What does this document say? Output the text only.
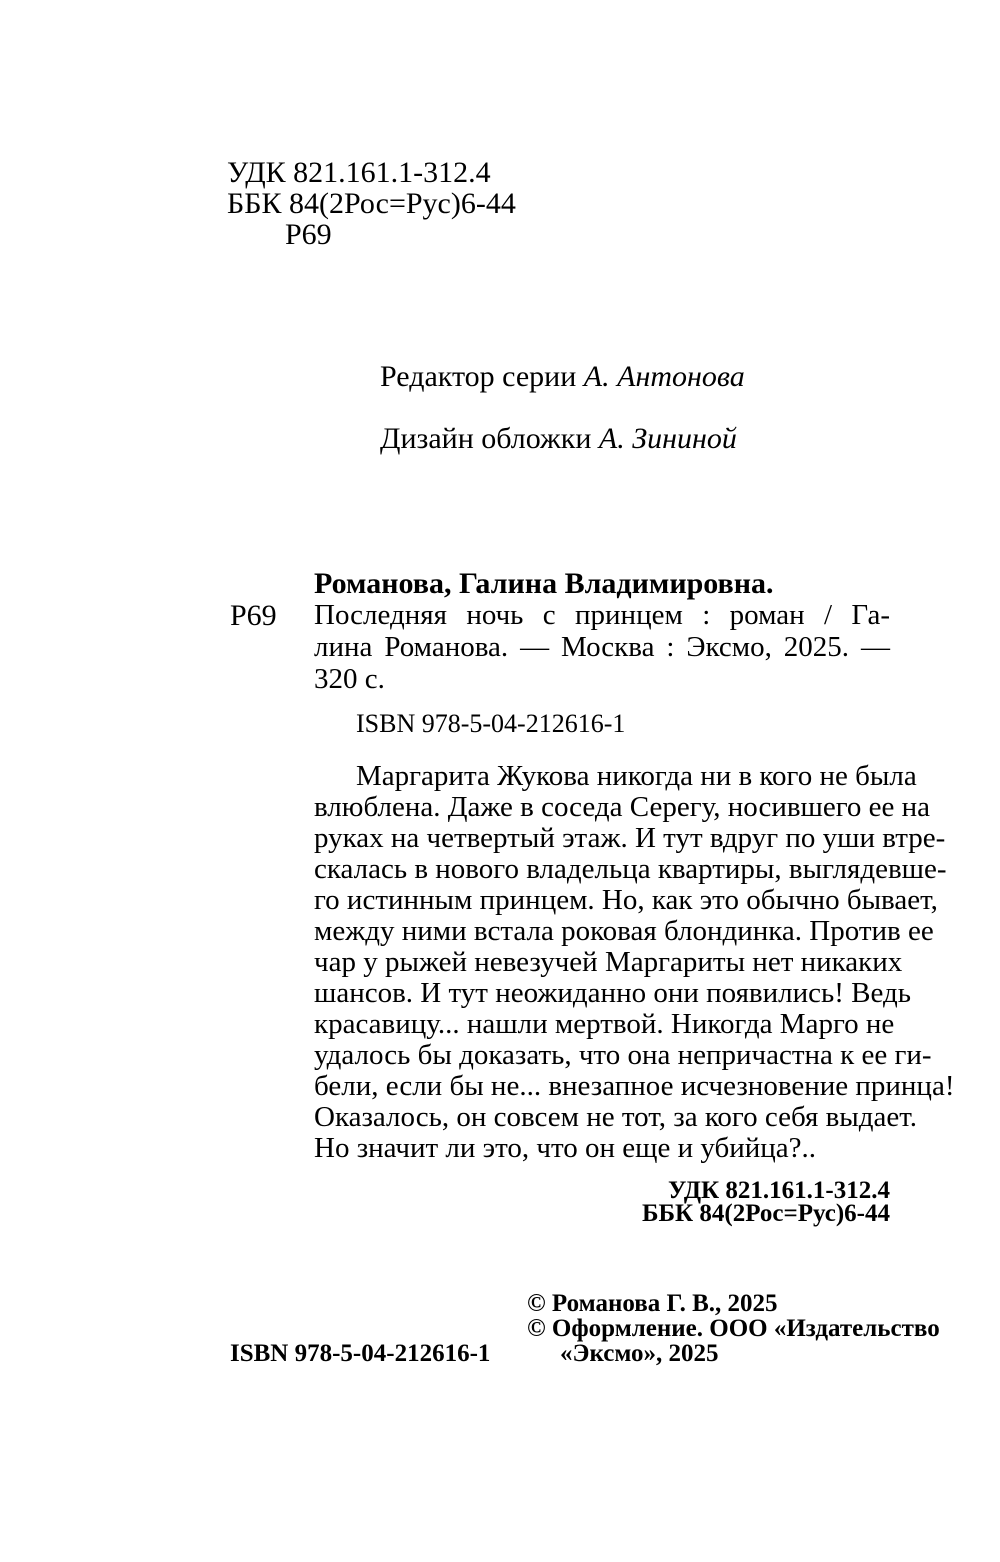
УДК 821.161.1-312.4
ББК 84(2Рос=Рус)6-44
Р69
Редактор серии А. Антонова
Дизайн обложки А. Зининой
Романова, Галина Владимировна.
Р69 Последняя ночь с принцем : роман / Га-
лина Романова. — Москва : Эксмо, 2025. —
320 с.
ISBN 978-5-04-212616-1
Маргарита Жукова никогда ни в кого не была
влюблена. Даже в соседа Серегу, носившего ее на
руках на четвертый этаж. И тут вдруг по уши втре-
скалась в нового владельца квартиры, выглядевше-
го истинным принцем. Но, как это обычно бывает,
между ними встала роковая блондинка. Против ее
чар у рыжей невезучей Маргариты нет никаких
шансов. И тут неожиданно они появились! Ведь
красавицу... нашли мертвой. Никогда Марго не
удалось бы доказать, что она непричастна к ее ги-
бели, если бы не... внезапное исчезновение принца!
Оказалось, он совсем не тот, за кого себя выдает.
Но значит ли это, что он еще и убийца?..
УДК 821.161.1-312.4
ББК 84(2Рос=Рус)6-44
© Романова Г. В., 2025
© Оформление. ООО «Издательство
«Эксмо», 2025
ISBN 978-5-04-212616-1
